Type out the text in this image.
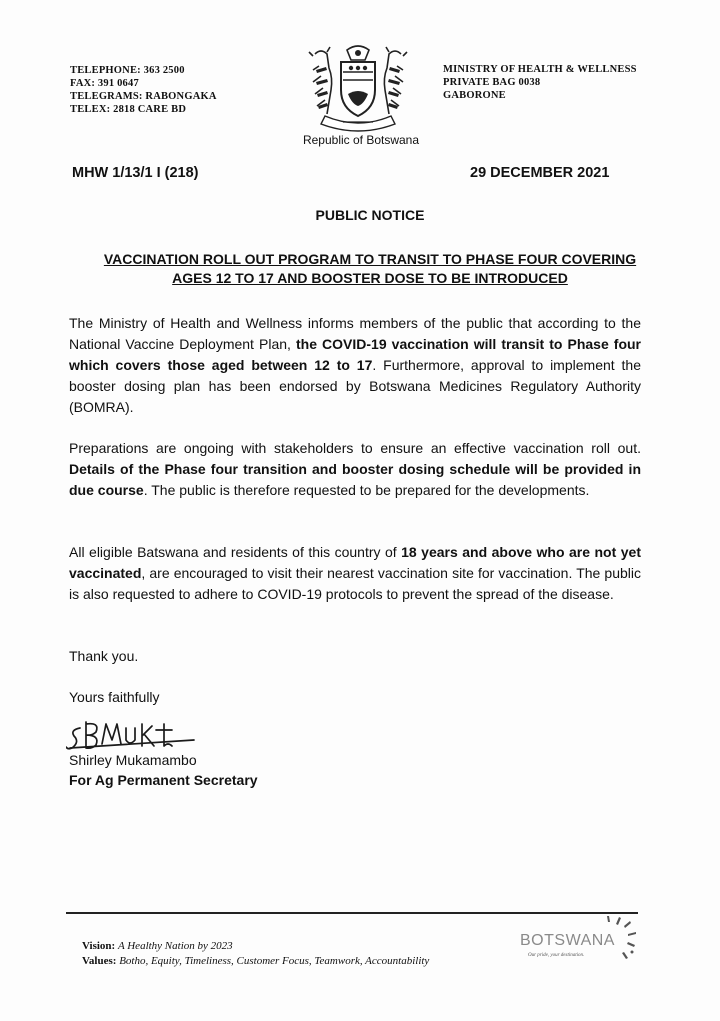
TELEPHONE: 363 2500
FAX: 391 0647
TELEGRAMS: RABONGAKA
TELEX: 2818 CARE BD
MINISTRY OF HEALTH & WELLNESS
PRIVATE BAG 0038
GABORONE
Republic of Botswana
MHW 1/13/1 I (218)	29 DECEMBER 2021
PUBLIC NOTICE
VACCINATION ROLL OUT PROGRAM TO TRANSIT TO PHASE FOUR COVERING
AGES 12 TO 17 AND BOOSTER DOSE TO BE INTRODUCED

The Ministry of Health and Wellness informs members of the public that according to the National Vaccine Deployment Plan, the COVID-19 vaccination will transit to Phase four which covers those aged between 12 to 17. Furthermore, approval to implement the booster dosing plan has been endorsed by Botswana Medicines Regulatory Authority (BOMRA).

Preparations are ongoing with stakeholders to ensure an effective vaccination roll out. Details of the Phase four transition and booster dosing schedule will be provided in due course. The public is therefore requested to be prepared for the developments.

All eligible Batswana and residents of this country of 18 years and above who are not yet vaccinated, are encouraged to visit their nearest vaccination site for vaccination. The public is also requested to adhere to COVID-19 protocols to prevent the spread of the disease.

Thank you.
Yours faithfully
Shirley Mukamambo
For Ag Permanent Secretary
Vision: A Healthy Nation by 2023
Values: Botho, Equity, Timeliness, Customer Focus, Teamwork, Accountability
BOTSWANA
Our pride, your destination.
